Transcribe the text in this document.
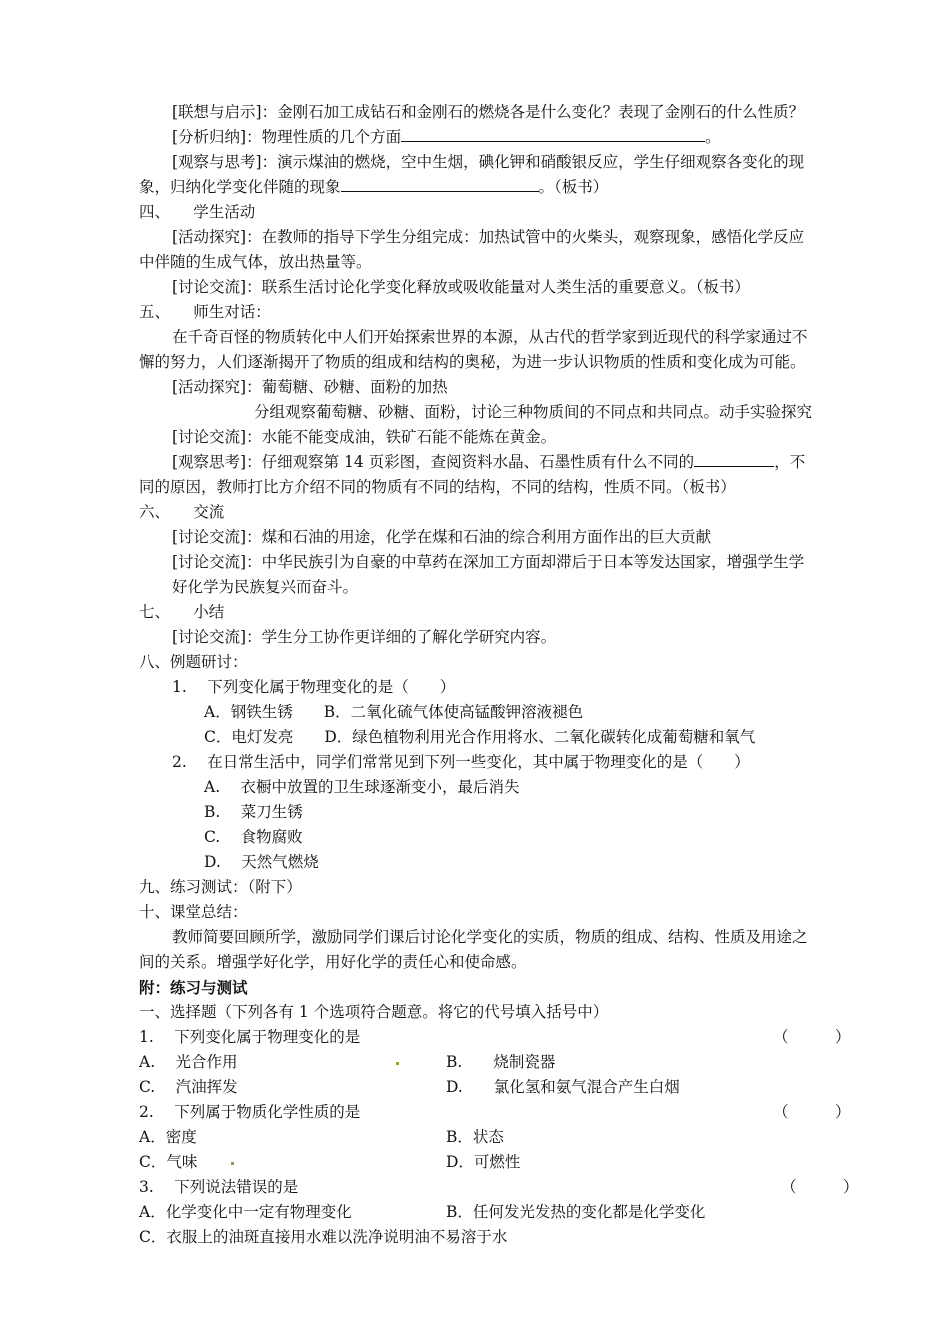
[联想与启示]：金刚石加工成钻石和金刚石的燃烧各是什么变化？表现了金刚石的什么性质？
[分析归纳]：物理性质的几个方面	。
[观察与思考]：演示煤油的燃烧，空中生烟，碘化钾和硝酸银反应，学生仔细观察各变化的现
象，归纳化学变化伴随的现象	。（板书）
四、　　学生活动
[活动探究]：在教师的指导下学生分组完成：加热试管中的火柴头，观察现象，感悟化学反应
中伴随的生成气体，放出热量等。
[讨论交流]：联系生活讨论化学变化释放或吸收能量对人类生活的重要意义。（板书）
五、　　师生对话：
在千奇百怪的物质转化中人们开始探索世界的本源，从古代的哲学家到近现代的科学家通过不
懈的努力，人们逐渐揭开了物质的组成和结构的奥秘，为进一步认识物质的性质和变化成为可能。
[活动探究]：葡萄糖、砂糖、面粉的加热
分组观察葡萄糖、砂糖、面粉，讨论三种物质间的不同点和共同点。动手实验探究
[讨论交流]：水能不能变成油，铁矿石能不能炼在黄金。
[观察思考]：仔细观察第 14 页彩图，查阅资料水晶、石墨性质有什么不同的	，不
同的原因，教师打比方介绍不同的物质有不同的结构，不同的结构，性质不同。（板书）
六、　　交流
[讨论交流]：煤和石油的用途，化学在煤和石油的综合利用方面作出的巨大贡献
[讨论交流]：中华民族引为自豪的中草药在深加工方面却滞后于日本等发达国家，增强学生学
好化学为民族复兴而奋斗。
七、　　小结
[讨论交流]：学生分工协作更详细的了解化学研究内容。
八、例题研讨：
1.　 下列变化属于物理变化的是（　　）
A．钢铁生锈　　B．二氧化硫气体使高锰酸钾溶液褪色
C．电灯发亮　　D．绿色植物利用光合作用将水、二氧化碳转化成葡萄糖和氧气
2.　 在日常生活中，同学们常常见到下列一些变化，其中属于物理变化的是（　　）
A.　 衣橱中放置的卫生球逐渐变小，最后消失
B.　 菜刀生锈
C.　 食物腐败
D.　 天然气燃烧
九、练习测试：（附下）
十、课堂总结：
教师简要回顾所学，激励同学们课后讨论化学变化的实质，物质的组成、结构、性质及用途之
间的关系。增强学好化学，用好化学的责任心和使命感。
附：练习与测试
一、选择题（下列各有 1 个选项符合题意。将它的代号填入括号中）
1.　 下列变化属于物理变化的是	（　　　）
A.　 光合作用	B.　　烧制瓷器
C.　 汽油挥发	D.　　氯化氢和氨气混合产生白烟
2.　 下列属于物质化学性质的是	（　　　）
A．密度	B．状态
C．气味	D．可燃性
3.　 下列说法错误的是	（　　　）
A．化学变化中一定有物理变化	B．任何发光发热的变化都是化学变化
C．衣服上的油斑直接用水难以洗净说明油不易溶于水
